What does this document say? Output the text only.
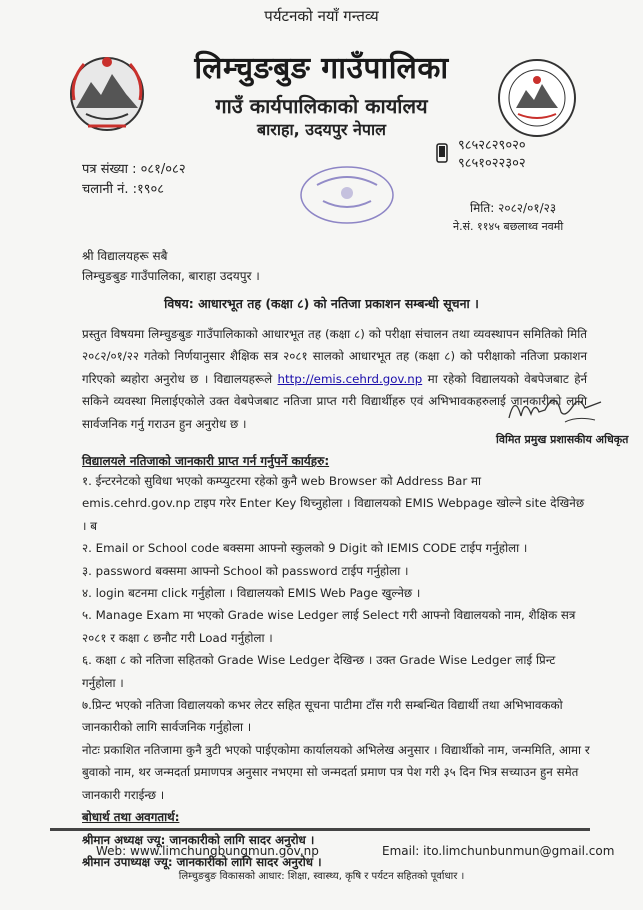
पर्यटनको नयाँ गन्तव्य
लिम्चुङबुङ गाउँपालिका
गाउँ कार्यपालिकाको कार्यालय
बाराहा, उदयपुर नेपाल
९८५२८२९०२०
९८५१०२२३०२
पत्र संख्या : ०८१/०८२
चलानी नं. :१९०८
मिति: २०८२/०१/२३
ने.सं. ११४५ बछलाथ्व नवमी
श्री विद्यालयहरू सबै
लिम्चुङबुङ गाउँपालिका, बाराहा उदयपुर ।
विषय: आधारभूत तह (कक्षा ८) को नतिजा प्रकाशन सम्बन्धी सूचना ।

प्रस्तुत विषयमा लिम्चुङबुङ गाउँपालिकाको आधारभूत तह (कक्षा ८) को परीक्षा संचालन तथा व्यवस्थापन समितिको मिति २०८२/०१/२२ गतेको निर्णयानुसार शैक्षिक सत्र २०८१ सालको आधारभूत तह (कक्षा ८) को परीक्षाको नतिजा प्रकाशन गरिएको ब्यहोरा अनुरोध छ । विद्यालयहरूले http://emis.cehrd.gov.np मा रहेको विद्यालयको वेबपेजबाट हेर्न सकिने व्यवस्था मिलाईएकोले उक्त वेबपेजबाट नतिजा प्राप्त गरी विद्यार्थीहरु एवं अभिभावकहरुलाई जानकारीको लागि सार्वजनिक गर्नु गराउन हुन अनुरोध छ ।

विमित प्रमुख प्रशासकीय अधिकृत
विद्यालयले नतिजाको जानकारी प्राप्त गर्न गर्नुपर्ने कार्यहरु:

१. ईन्टरनेटको सुविधा भएको कम्प्युटरमा रहेको कुनै web Browser को Address Bar मा emis.cehrd.gov.np टाइप गरेर Enter Key थिच्नुहोला । विद्यालयको EMIS Webpage खोल्ने site देखिनेछ । ब

२. Email or School code बक्समा आफ्नो स्कुलको 9 Digit को IEMIS CODE टाईप गर्नुहोला ।

३. password बक्समा आफ्नो School को password टाईप गर्नुहोला ।

४. login बटनमा click गर्नुहोला । विद्यालयको EMIS Web Page खुल्नेछ ।

५. Manage Exam मा भएको Grade wise Ledger लाई Select गरी आफ्नो विद्यालयको नाम, शैक्षिक सत्र २०८१ र कक्षा ८ छनौट गरी Load गर्नुहोला ।

६. कक्षा ८ को नतिजा सहितको Grade Wise Ledger देखिन्छ । उक्त Grade Wise Ledger लाई प्रिन्ट गर्नुहोला ।

७.प्रिन्ट भएको नतिजा विद्यालयको कभर लेटर सहित सूचना पाटीमा टाँस गरी सम्बन्धित विद्यार्थी तथा अभिभावकको जानकारीको लागि सार्वजनिक गर्नुहोला ।

नोटः प्रकाशित नतिजामा कुनै त्रुटी भएको पाईएकोमा कार्यालयको अभिलेख अनुसार । विद्यार्थीको नाम, जन्ममिति, आमा र बुवाको नाम, थर जन्मदर्ता प्रमाणपत्र अनुसार नभएमा सो जन्मदर्ता प्रमाण पत्र पेश गरी ३५ दिन भित्र सच्याउन हुन समेत जानकारी गराईन्छ ।

बोधार्थ तथा अवगतार्थ:

श्रीमान अध्यक्ष ज्यू: जानकारीको लागि सादर अनुरोध ।

श्रीमान उपाध्यक्ष ज्यू: जानकारीको लागि सादर अनुरोध ।

Web: www.limchungbungmun.gov.np	Email: ito.limchunbunmun@gmail.com
लिम्चुङबुङ विकासको आधार: शिक्षा, स्वास्थ्य, कृषि र पर्यटन सहितको पूर्वाधार ।
